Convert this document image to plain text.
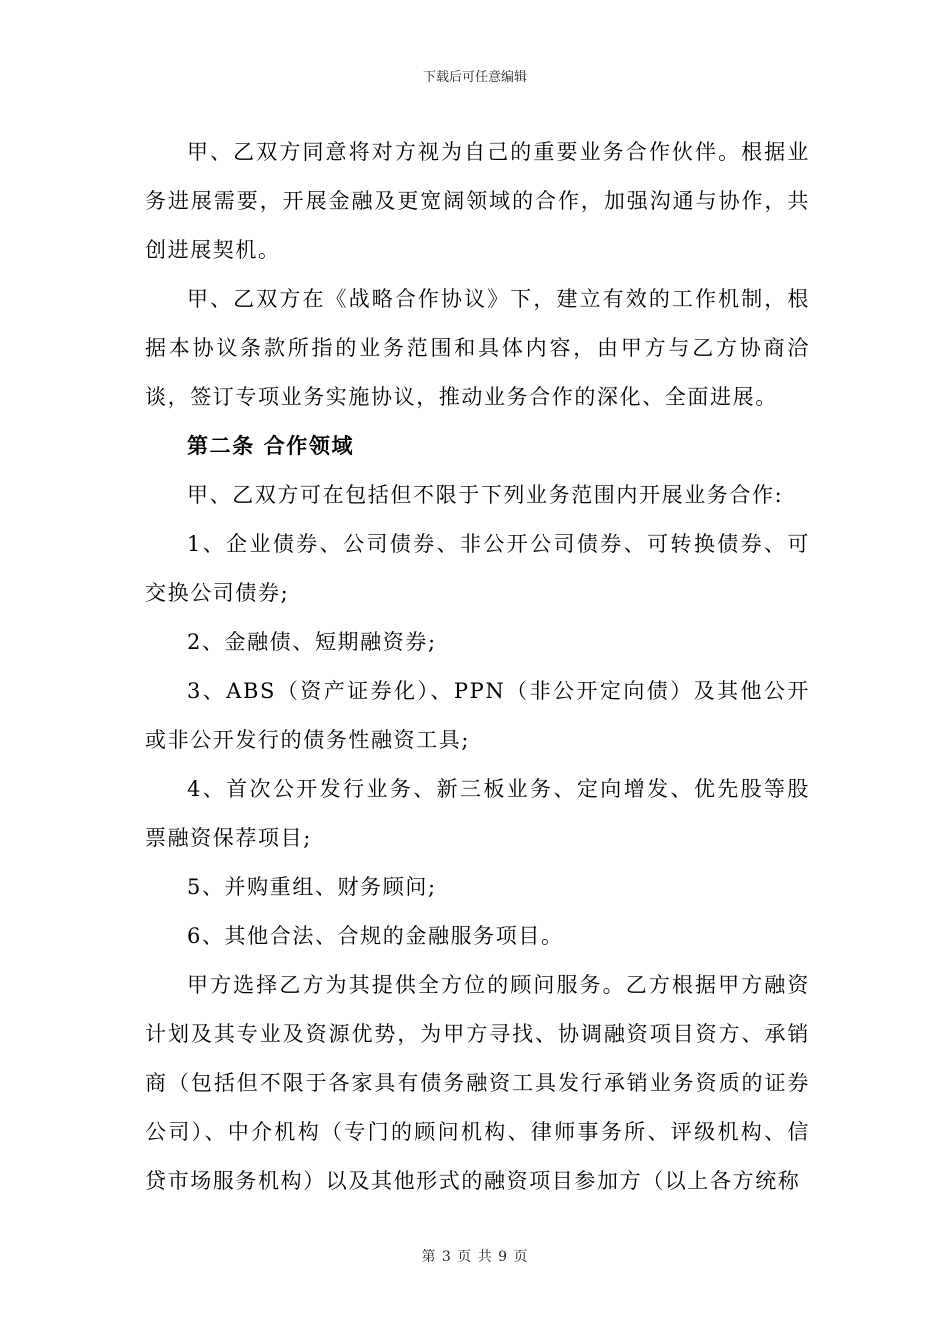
下载后可任意编辑

甲、乙双方同意将对方视为自己的重要业务合作伙伴。根据业务进展需要，开展金融及更宽阔领域的合作，加强沟通与协作，共创进展契机。

甲、乙双方在《战略合作协议》下，建立有效的工作机制，根据本协议条款所指的业务范围和具体内容，由甲方与乙方协商洽谈，签订专项业务实施协议，推动业务合作的深化、全面进展。

第二条 合作领域

甲、乙双方可在包括但不限于下列业务范围内开展业务合作:

1、企业债券、公司债券、非公开公司债券、可转换债券、可交换公司债券;

2、金融债、短期融资券;

3、ABS（资产证券化）、PPN（非公开定向债）及其他公开或非公开发行的债务性融资工具;

4、首次公开发行业务、新三板业务、定向增发、优先股等股票融资保荐项目;

5、并购重组、财务顾问;

6、其他合法、合规的金融服务项目。

甲方选择乙方为其提供全方位的顾问服务。乙方根据甲方融资计划及其专业及资源优势，为甲方寻找、协调融资项目资方、承销商（包括但不限于各家具有债务融资工具发行承销业务资质的证券公司）、中介机构（专门的顾问机构、律师事务所、评级机构、信贷市场服务机构）以及其他形式的融资项目参加方（以上各方统称

第 3 页 共 9 页
